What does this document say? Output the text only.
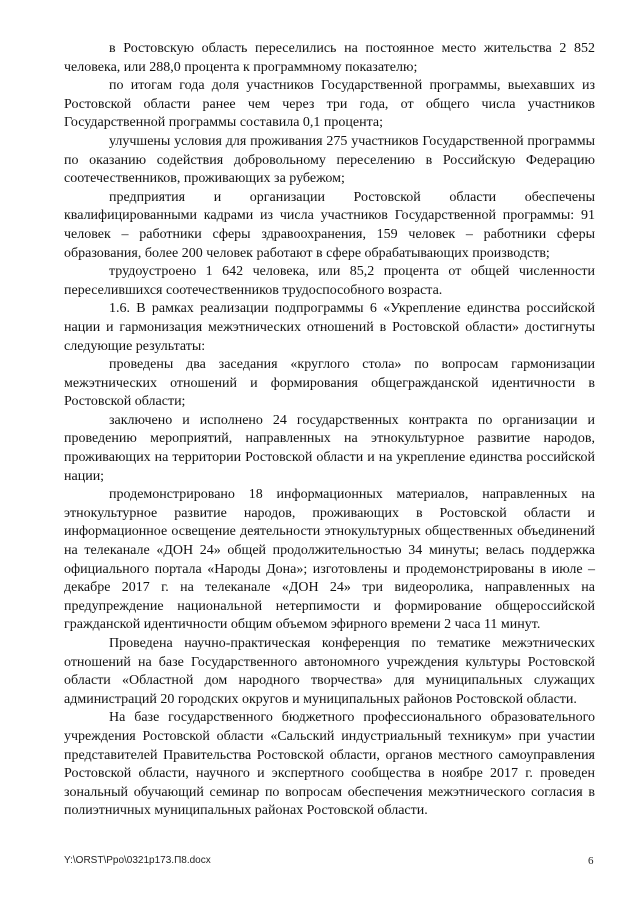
в Ростовскую область переселились на постоянное место жительства 2 852 человека, или 288,0 процента к программному показателю;

по итогам года доля участников Государственной программы, выехавших из Ростовской области ранее чем через три года, от общего числа участников Государственной программы составила 0,1 процента;

улучшены условия для проживания 275 участников Государственной программы по оказанию содействия добровольному переселению в Российскую Федерацию соотечественников, проживающих за рубежом;

предприятия и организации Ростовской области обеспечены квалифицированными кадрами из числа участников Государственной программы: 91 человек – работники сферы здравоохранения, 159 человек – работники сферы образования, более 200 человек работают в сфере обрабатывающих производств;

трудоустроено 1 642 человека, или 85,2 процента от общей численности переселившихся соотечественников трудоспособного возраста.

1.6. В рамках реализации подпрограммы 6 «Укрепление единства российской нации и гармонизация межэтнических отношений в Ростовской области» достигнуты следующие результаты:

проведены два заседания «круглого стола» по вопросам гармонизации межэтнических отношений и формирования общегражданской идентичности в Ростовской области;

заключено и исполнено 24 государственных контракта по организации и проведению мероприятий, направленных на этнокультурное развитие народов, проживающих на территории Ростовской области и на укрепление единства российской нации;

продемонстрировано 18 информационных материалов, направленных на этнокультурное развитие народов, проживающих в Ростовской области и информационное освещение деятельности этнокультурных общественных объединений на телеканале «ДОН 24» общей продолжительностью 34 минуты; велась поддержка официального портала «Народы Дона»; изготовлены и продемонстрированы в июле – декабре 2017 г. на телеканале «ДОН 24» три видеоролика, направленных на предупреждение национальной нетерпимости и формирование общероссийской гражданской идентичности общим объемом эфирного времени 2 часа 11 минут.

Проведена научно-практическая конференция по тематике межэтнических отношений на базе Государственного автономного учреждения культуры Ростовской области «Областной дом народного творчества» для муниципальных служащих администраций 20 городских округов и муниципальных районов Ростовской области.

На базе государственного бюджетного профессионального образовательного учреждения Ростовской области «Сальский индустриальный техникум» при участии представителей Правительства Ростовской области, органов местного самоуправления Ростовской области, научного и экспертного сообщества в ноябре 2017 г. проведен зональный обучающий семинар по вопросам обеспечения межэтнического согласия в полиэтничных муниципальных районах Ростовской области.

Y:\ORST\Ppo\0321p173.П8.docx	6
